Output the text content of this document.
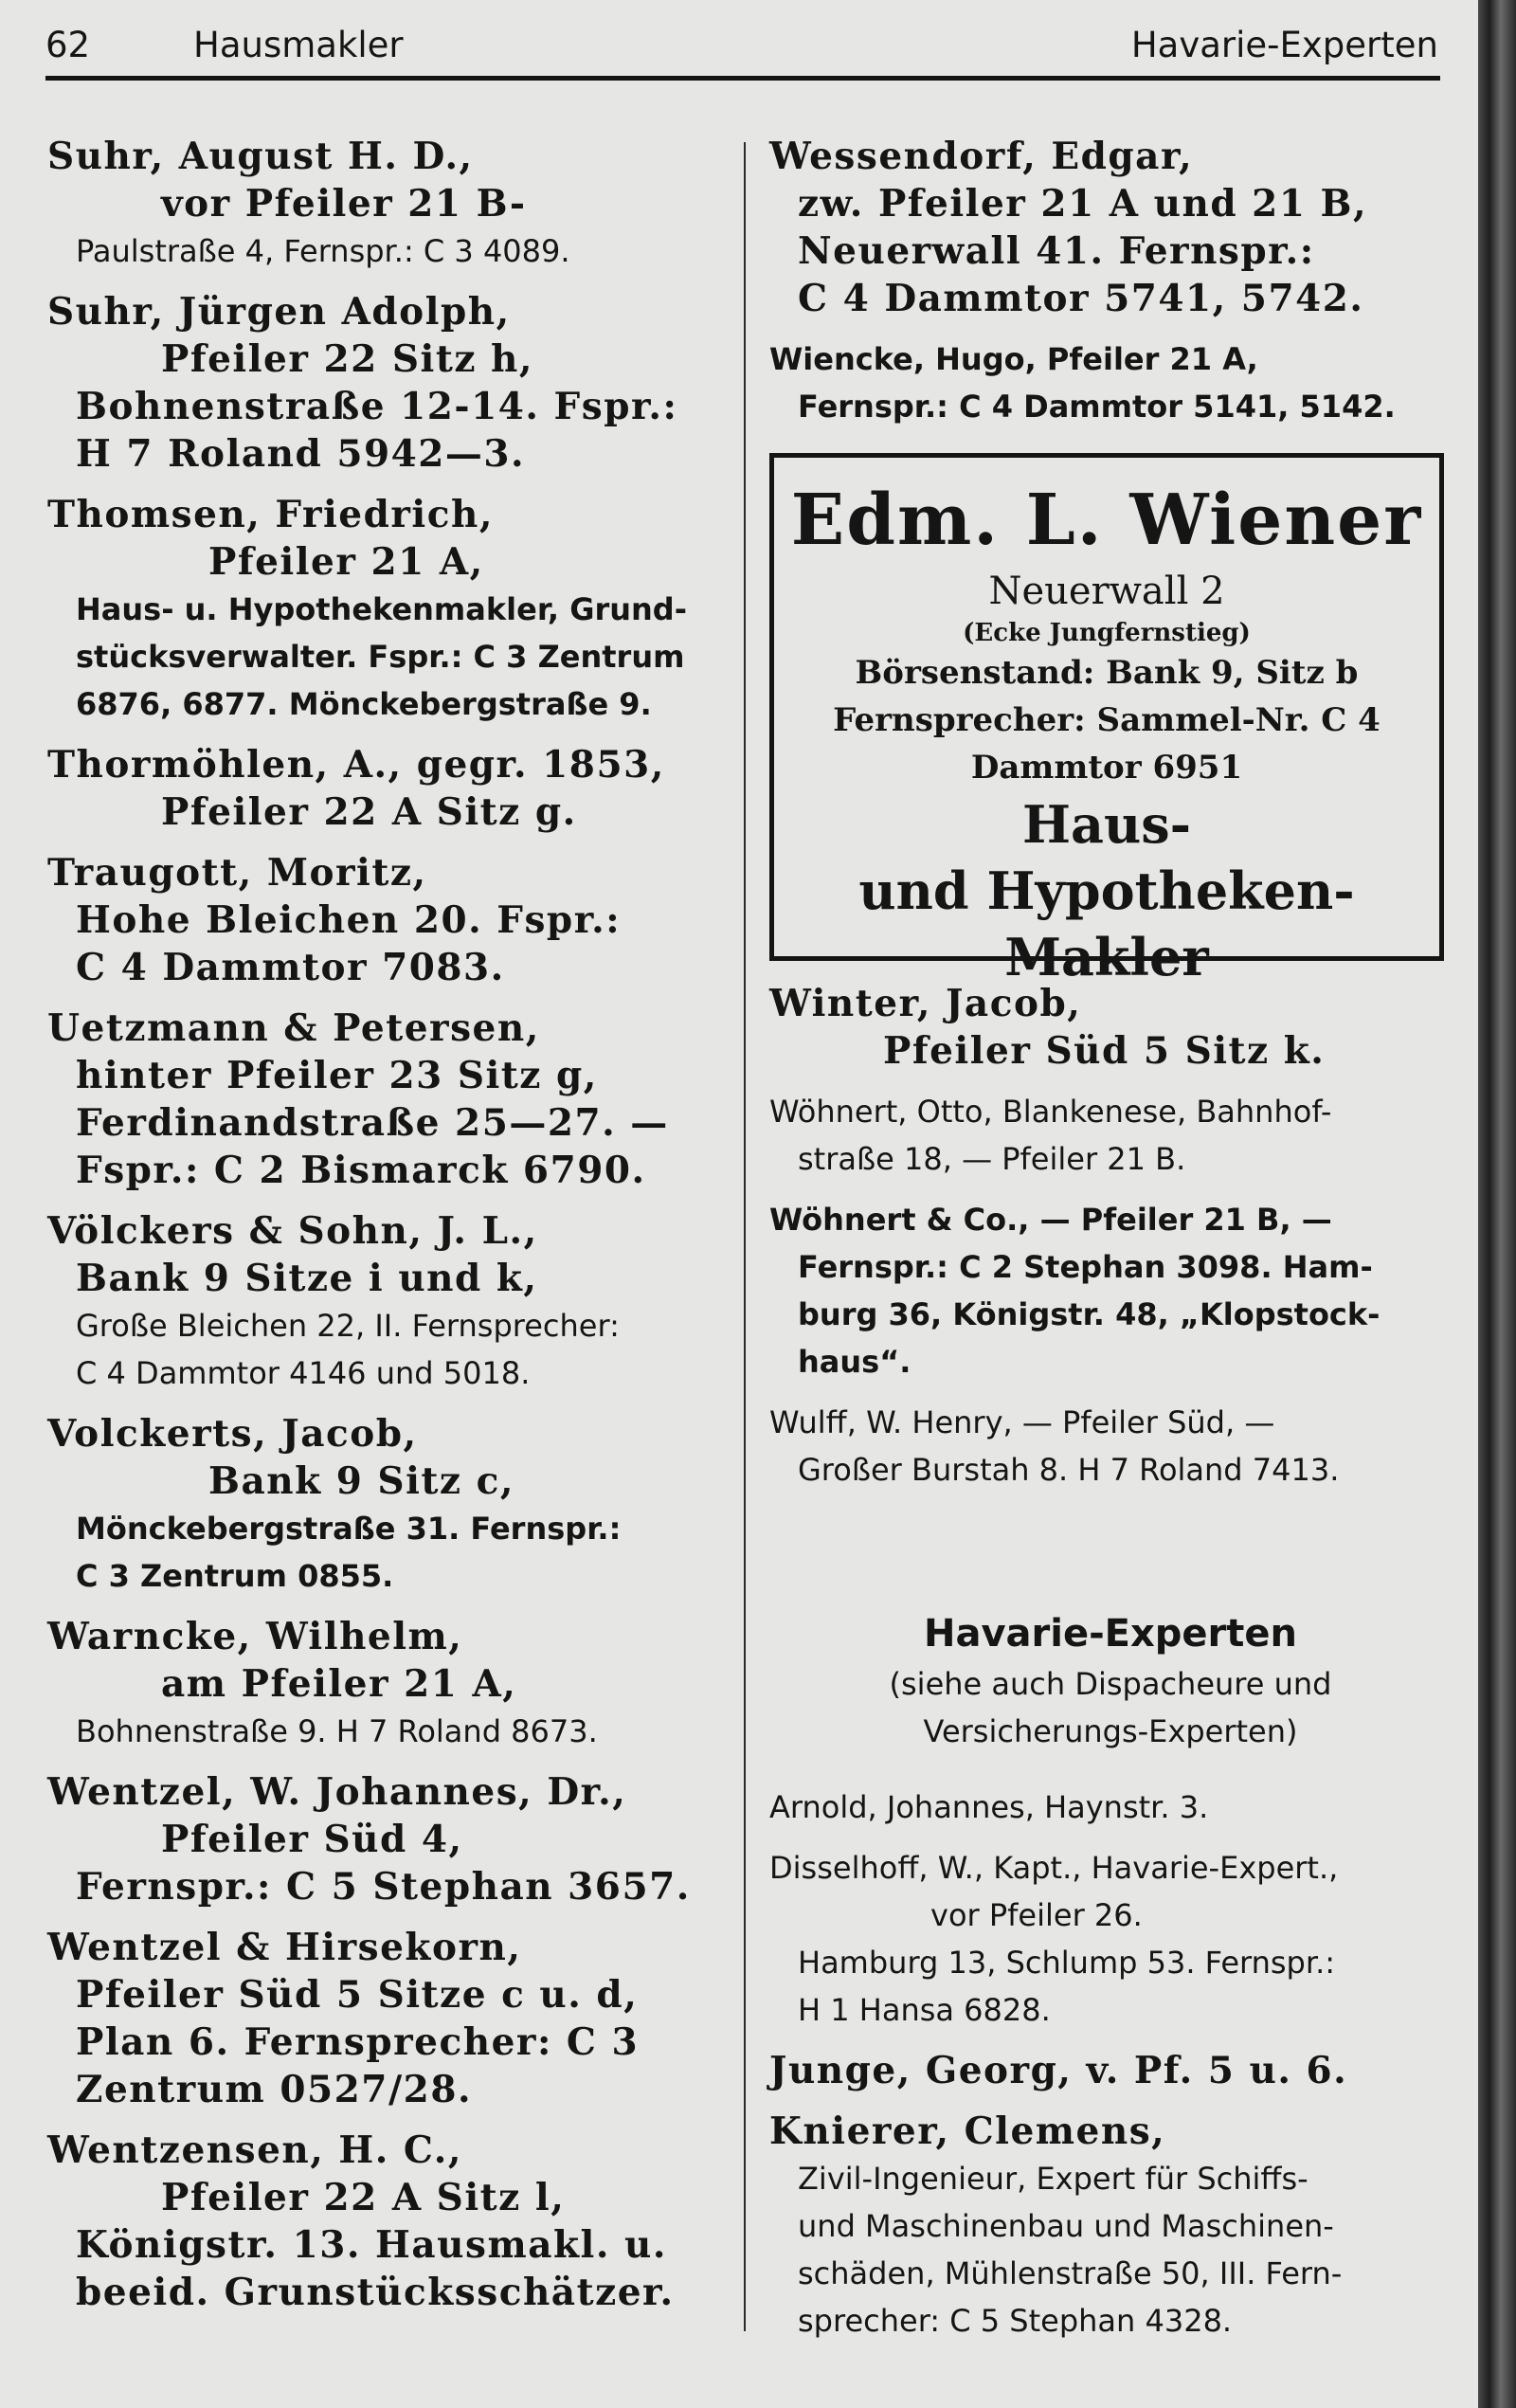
62	Hausmakler	Havarie-Experten
Suhr, August H. D.,
vor Pfeiler 21 B-
Paulstraße 4, Fernspr.: C 3 4089.
Suhr, Jürgen Adolph,
Pfeiler 22 Sitz h,
Bohnenstraße 12-14. Fspr.:
H 7 Roland 5942—3.
Thomsen, Friedrich,
Pfeiler 21 A,
Haus- u. Hypothekenmakler, Grund-
stücksverwalter. Fspr.: C 3 Zentrum
6876, 6877. Mönckebergstraße 9.
Thormöhlen, A., gegr. 1853,
Pfeiler 22 A Sitz g.
Traugott, Moritz,
Hohe Bleichen 20. Fspr.:
C 4 Dammtor 7083.
Uetzmann & Petersen,
hinter Pfeiler 23 Sitz g,
Ferdinandstraße 25—27. —
Fspr.: C 2 Bismarck 6790.
Völckers & Sohn, J. L.,
Bank 9 Sitze i und k,
Große Bleichen 22, II. Fernsprecher:
C 4 Dammtor 4146 und 5018.
Volckerts, Jacob,
Bank 9 Sitz c,
Mönckebergstraße 31. Fernspr.:
C 3 Zentrum 0855.
Warncke, Wilhelm,
am Pfeiler 21 A,
Bohnenstraße 9. H 7 Roland 8673.
Wentzel, W. Johannes, Dr.,
Pfeiler Süd 4,
Fernspr.: C 5 Stephan 3657.
Wentzel & Hirsekorn,
Pfeiler Süd 5 Sitze c u. d,
Plan 6. Fernsprecher: C 3
Zentrum 0527/28.
Wentzensen, H. C.,
Pfeiler 22 A Sitz l,
Königstr. 13. Hausmakl. u.
beeid. Grunstücksschätzer.
Wessendorf, Edgar,
zw. Pfeiler 21 A und 21 B,
Neuerwall 41. Fernspr.:
C 4 Dammtor 5741, 5742.
Wiencke, Hugo, Pfeiler 21 A,
Fernspr.: C 4 Dammtor 5141, 5142.
Edm. L. Wiener
Neuerwall 2
(Ecke Jungfernstieg)
Börsenstand: Bank 9, Sitz b
Fernsprecher: Sammel-Nr. C 4
Dammtor 6951
Haus-
und Hypotheken-Makler
Winter, Jacob,
Pfeiler Süd 5 Sitz k.
Wöhnert, Otto, Blankenese, Bahnhof-
straße 18, — Pfeiler 21 B.
Wöhnert & Co., — Pfeiler 21 B, —
Fernspr.: C 2 Stephan 3098. Ham-
burg 36, Königstr. 48, „Klopstock-
haus“.
Wulff, W. Henry, — Pfeiler Süd, —
Großer Burstah 8. H 7 Roland 7413.
Havarie-Experten
(siehe auch Dispacheure und
Versicherungs-Experten)
Arnold, Johannes, Haynstr. 3.
Disselhoff, W., Kapt., Havarie-Expert.,
vor Pfeiler 26.
Hamburg 13, Schlump 53. Fernspr.:
H 1 Hansa 6828.
Junge, Georg, v. Pf. 5 u. 6.
Knierer, Clemens,
Zivil-Ingenieur, Expert für Schiffs-
und Maschinenbau und Maschinen-
schäden, Mühlenstraße 50, III. Fern-
sprecher: C 5 Stephan 4328.
